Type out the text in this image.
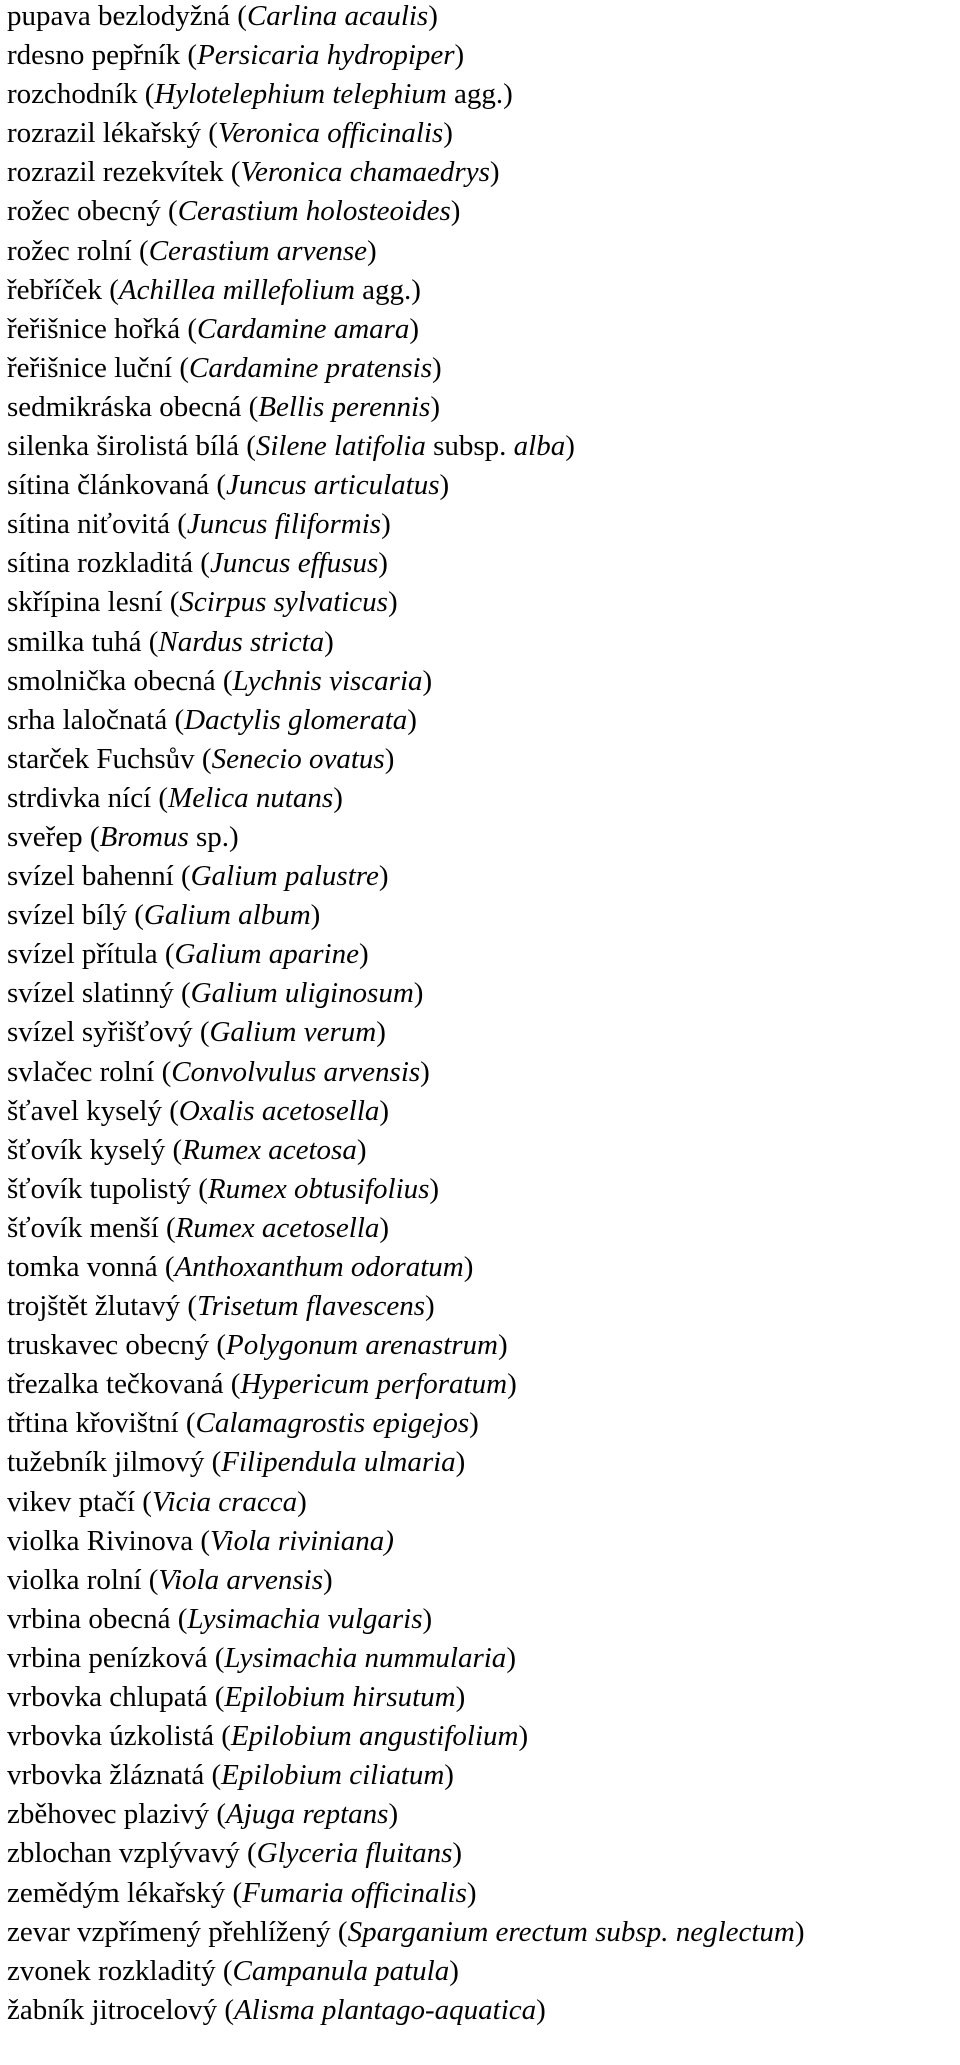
pupava bezlodyžná (Carlina acaulis)
rdesno pepřník (Persicaria hydropiper)
rozchodník (Hylotelephium telephium agg.)
rozrazil lékařský (Veronica officinalis)
rozrazil rezekvítek (Veronica chamaedrys)
rožec obecný (Cerastium holosteoides)
rožec rolní (Cerastium arvense)
řebříček (Achillea millefolium agg.)
řeřišnice hořká (Cardamine amara)
řeřišnice luční (Cardamine pratensis)
sedmikráska obecná (Bellis perennis)
silenka širolistá bílá (Silene latifolia subsp. alba)
sítina článkovaná (Juncus articulatus)
sítina niťovitá (Juncus filiformis)
sítina rozkladitá (Juncus effusus)
skřípina lesní (Scirpus sylvaticus)
smilka tuhá (Nardus stricta)
smolnička obecná (Lychnis viscaria)
srha laločnatá (Dactylis glomerata)
starček Fuchsův (Senecio ovatus)
strdivka nící (Melica nutans)
sveřep (Bromus sp.)
svízel bahenní (Galium palustre)
svízel bílý (Galium album)
svízel přítula (Galium aparine)
svízel slatinný (Galium uliginosum)
svízel syřišťový (Galium verum)
svlačec rolní (Convolvulus arvensis)
šťavel kyselý (Oxalis acetosella)
šťovík kyselý (Rumex acetosa)
šťovík tupolistý (Rumex obtusifolius)
šťovík menší (Rumex acetosella)
tomka vonná (Anthoxanthum odoratum)
trojštět žlutavý (Trisetum flavescens)
truskavec obecný (Polygonum arenastrum)
třezalka tečkovaná (Hypericum perforatum)
třtina křovištní (Calamagrostis epigejos)
tužebník jilmový (Filipendula ulmaria)
vikev ptačí (Vicia cracca)
violka Rivinova (Viola riviniana)
violka rolní (Viola arvensis)
vrbina obecná (Lysimachia vulgaris)
vrbina penízková (Lysimachia nummularia)
vrbovka chlupatá (Epilobium hirsutum)
vrbovka úzkolistá (Epilobium angustifolium)
vrbovka žláznatá (Epilobium ciliatum)
zběhovec plazivý (Ajuga reptans)
zblochan vzplývavý (Glyceria fluitans)
zemědým lékařský (Fumaria officinalis)
zevar vzpřímený přehlížený (Sparganium erectum subsp. neglectum)
zvonek rozkladitý (Campanula patula)
žabník jitrocelový (Alisma plantago-aquatica)
